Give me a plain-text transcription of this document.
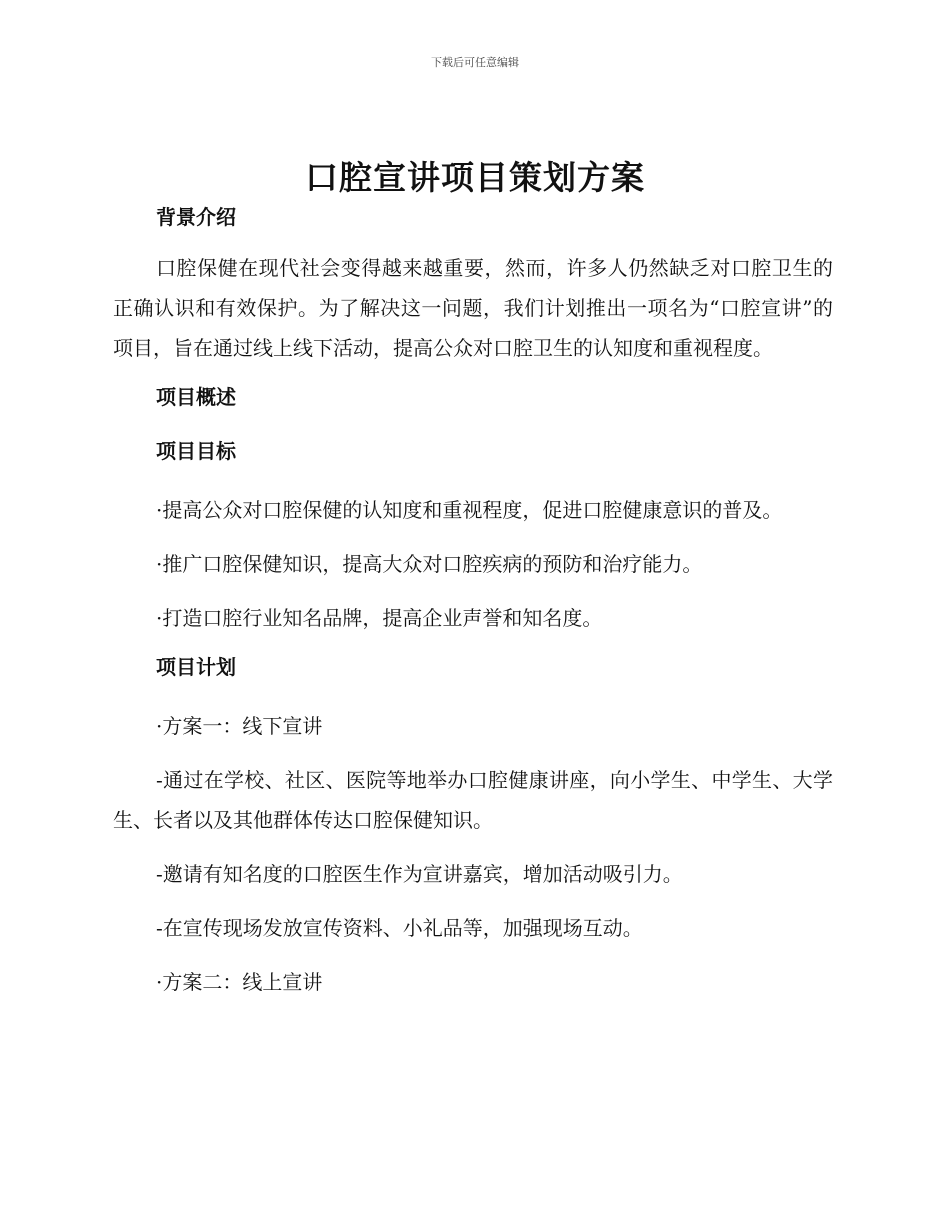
下载后可任意编辑
口腔宣讲项目策划方案
背景介绍

口腔保健在现代社会变得越来越重要，然而，许多人仍然缺乏对口腔卫生的正确认识和有效保护。为了解决这一问题，我们计划推出一项名为“口腔宣讲”的项目，旨在通过线上线下活动，提高公众对口腔卫生的认知度和重视程度。

项目概述
项目目标

·提高公众对口腔保健的认知度和重视程度，促进口腔健康意识的普及。

·推广口腔保健知识，提高大众对口腔疾病的预防和治疗能力。

·打造口腔行业知名品牌，提高企业声誉和知名度。

项目计划

·方案一：线下宣讲

-通过在学校、社区、医院等地举办口腔健康讲座，向小学生、中学生、大学生、长者以及其他群体传达口腔保健知识。

-邀请有知名度的口腔医生作为宣讲嘉宾，增加活动吸引力。

-在宣传现场发放宣传资料、小礼品等，加强现场互动。

·方案二：线上宣讲
